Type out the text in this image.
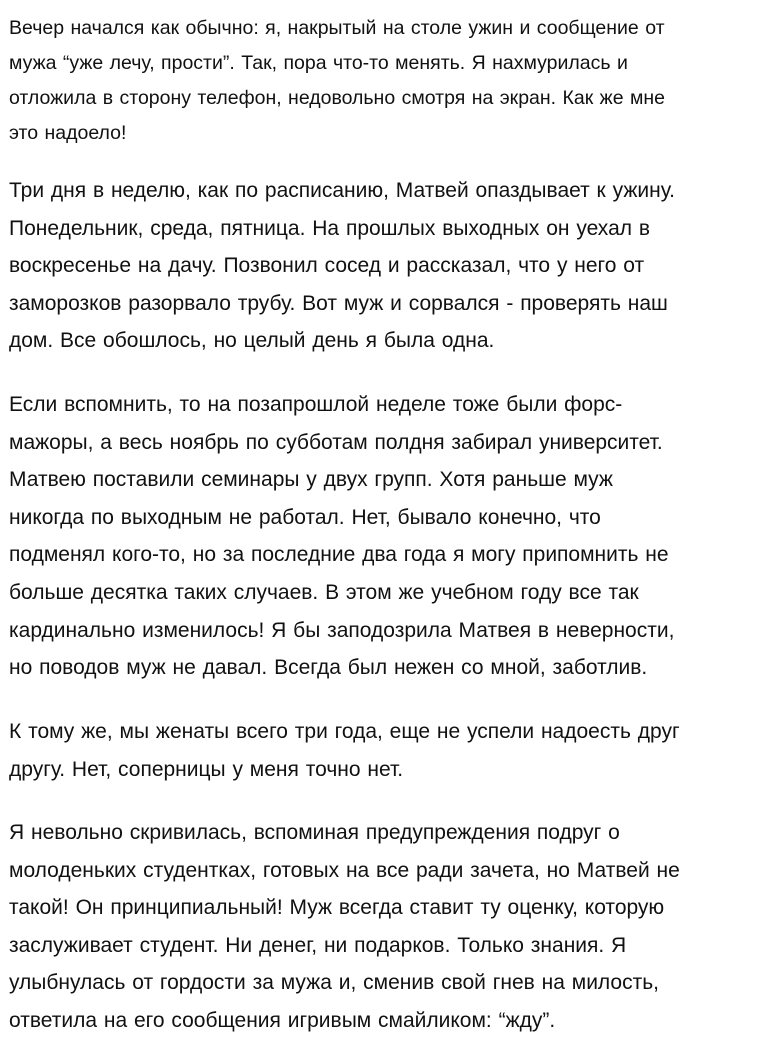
Вечер начался как обычно: я, накрытый на столе ужин и сообщение от
мужа “уже лечу, прости”. Так, пора что-то менять. Я нахмурилась и
отложила в сторону телефон, недовольно смотря на экран. Как же мне
это надоело!

Три дня в неделю, как по расписанию, Матвей опаздывает к ужину.
Понедельник, среда, пятница. На прошлых выходных он уехал в
воскресенье на дачу. Позвонил сосед и рассказал, что у него от
заморозков разорвало трубу. Вот муж и сорвался - проверять наш
дом. Все обошлось, но целый день я была одна.

Если вспомнить, то на позапрошлой неделе тоже были форс-
мажоры, а весь ноябрь по субботам полдня забирал университет.
Матвею поставили семинары у двух групп. Хотя раньше муж
никогда по выходным не работал. Нет, бывало конечно, что
подменял кого-то, но за последние два года я могу припомнить не
больше десятка таких случаев. В этом же учебном году все так
кардинально изменилось! Я бы заподозрила Матвея в неверности,
но поводов муж не давал. Всегда был нежен со мной, заботлив.

К тому же, мы женаты всего три года, еще не успели надоесть друг
другу. Нет, соперницы у меня точно нет.

Я невольно скривилась, вспоминая предупреждения подруг о
молоденьких студентках, готовых на все ради зачета, но Матвей не
такой! Он принципиальный! Муж всегда ставит ту оценку, которую
заслуживает студент. Ни денег, ни подарков. Только знания. Я
улыбнулась от гордости за мужа и, сменив свой гнев на милость,
ответила на его сообщения игривым смайликом: “жду”.
